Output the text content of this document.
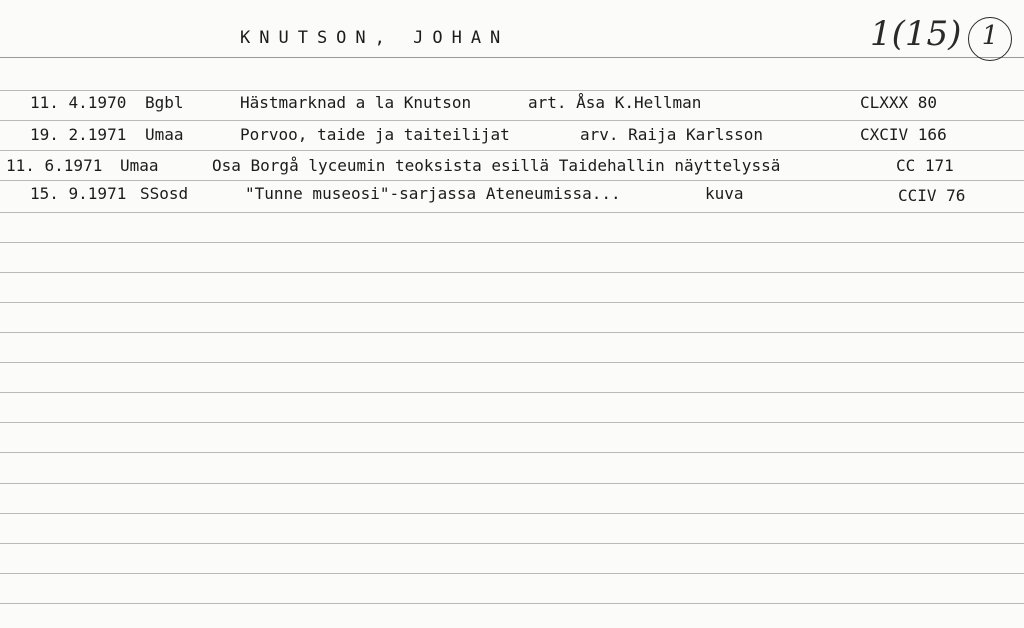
KNUTSON, JOHAN	1(15) 1
11. 4.1970 Bgbl	Hästmarknad a la Knutson	art. Åsa K.Hellman	CLXXX 80
19. 2.1971 Umaa	Porvoo, taide ja taiteilijat	arv. Raija Karlsson	CXCIV 166
11. 6.1971 Umaa	Osa Borgå lyceumin teoksista esillä Taidehallin näyttelyssä	CC 171
15. 9.1971 SSosd	"Tunne museosi"-sarjassa Ateneumissa...	kuva	CCIV 76
